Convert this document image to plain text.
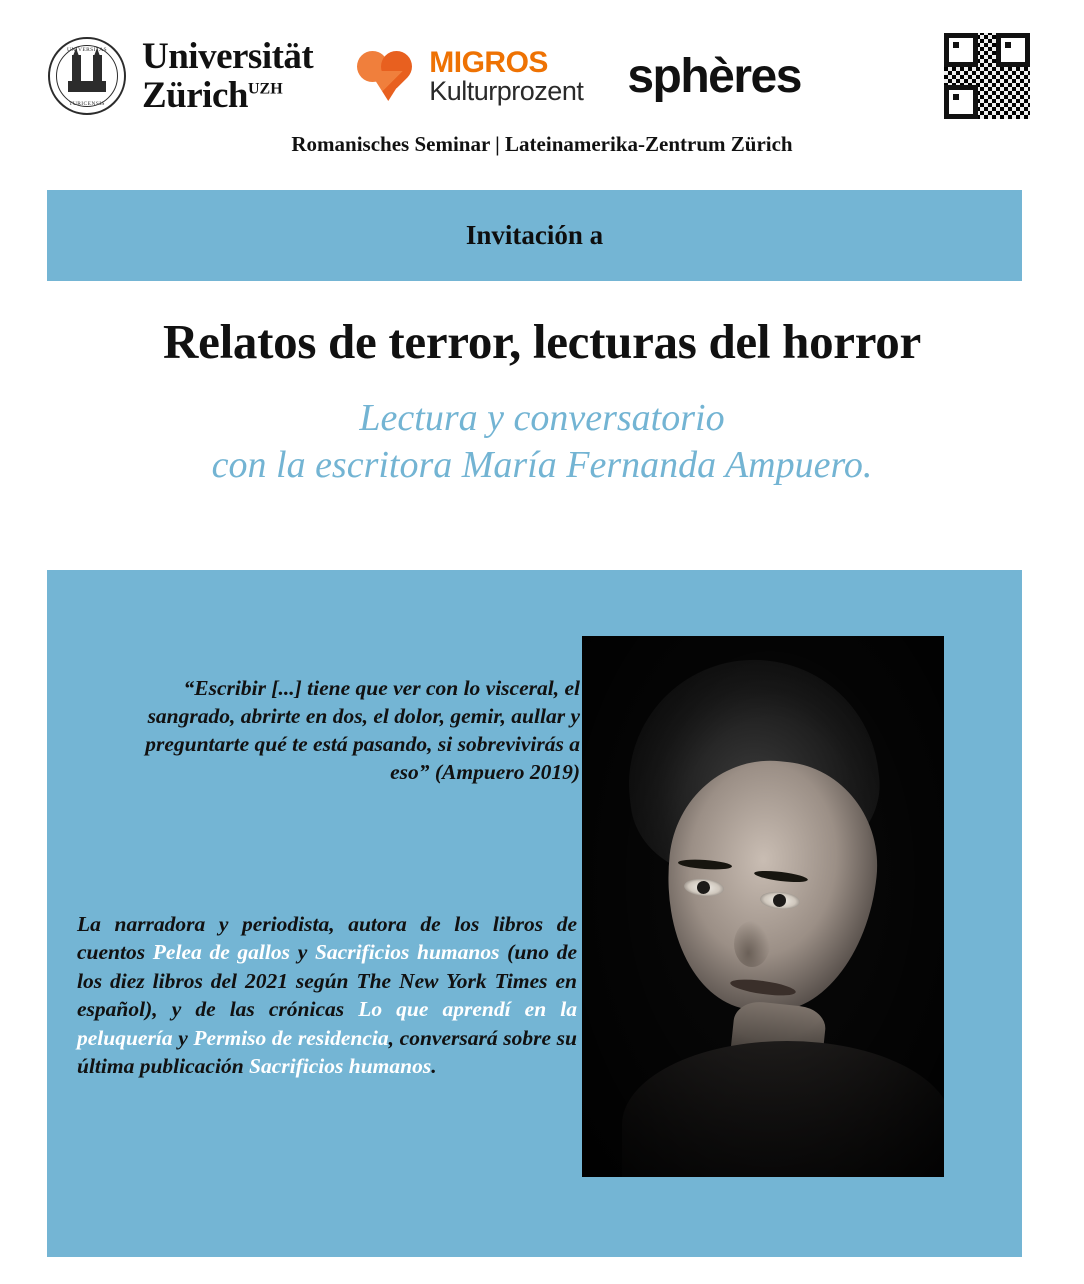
UNIVERSITAS
TURICENSIS
Universität
Zürich$^{UZH}$
MIGROS
Kulturprozent sphères
Romanisches Seminar | Lateinamerika-Zentrum Zürich
Invitación a
Relatos de terror, lecturas del horror
Lectura y conversatorio
con la escritora María Fernanda Ampuero.
“Escribir [...] tiene que ver con lo visceral, el sangrado, abrirte en dos, el dolor, gemir, aullar y preguntarte qué te está pasando, si sobrevivirás a eso” (Ampuero 2019)
La narradora y periodista, autora de los libros de cuentos Pelea de gallos y Sacrificios humanos (uno de los diez libros del 2021 según The New York Times en español), y de las crónicas Lo que aprendí en la peluquería y Permiso de residencia, conversará sobre su última publicación Sacrificios humanos.
